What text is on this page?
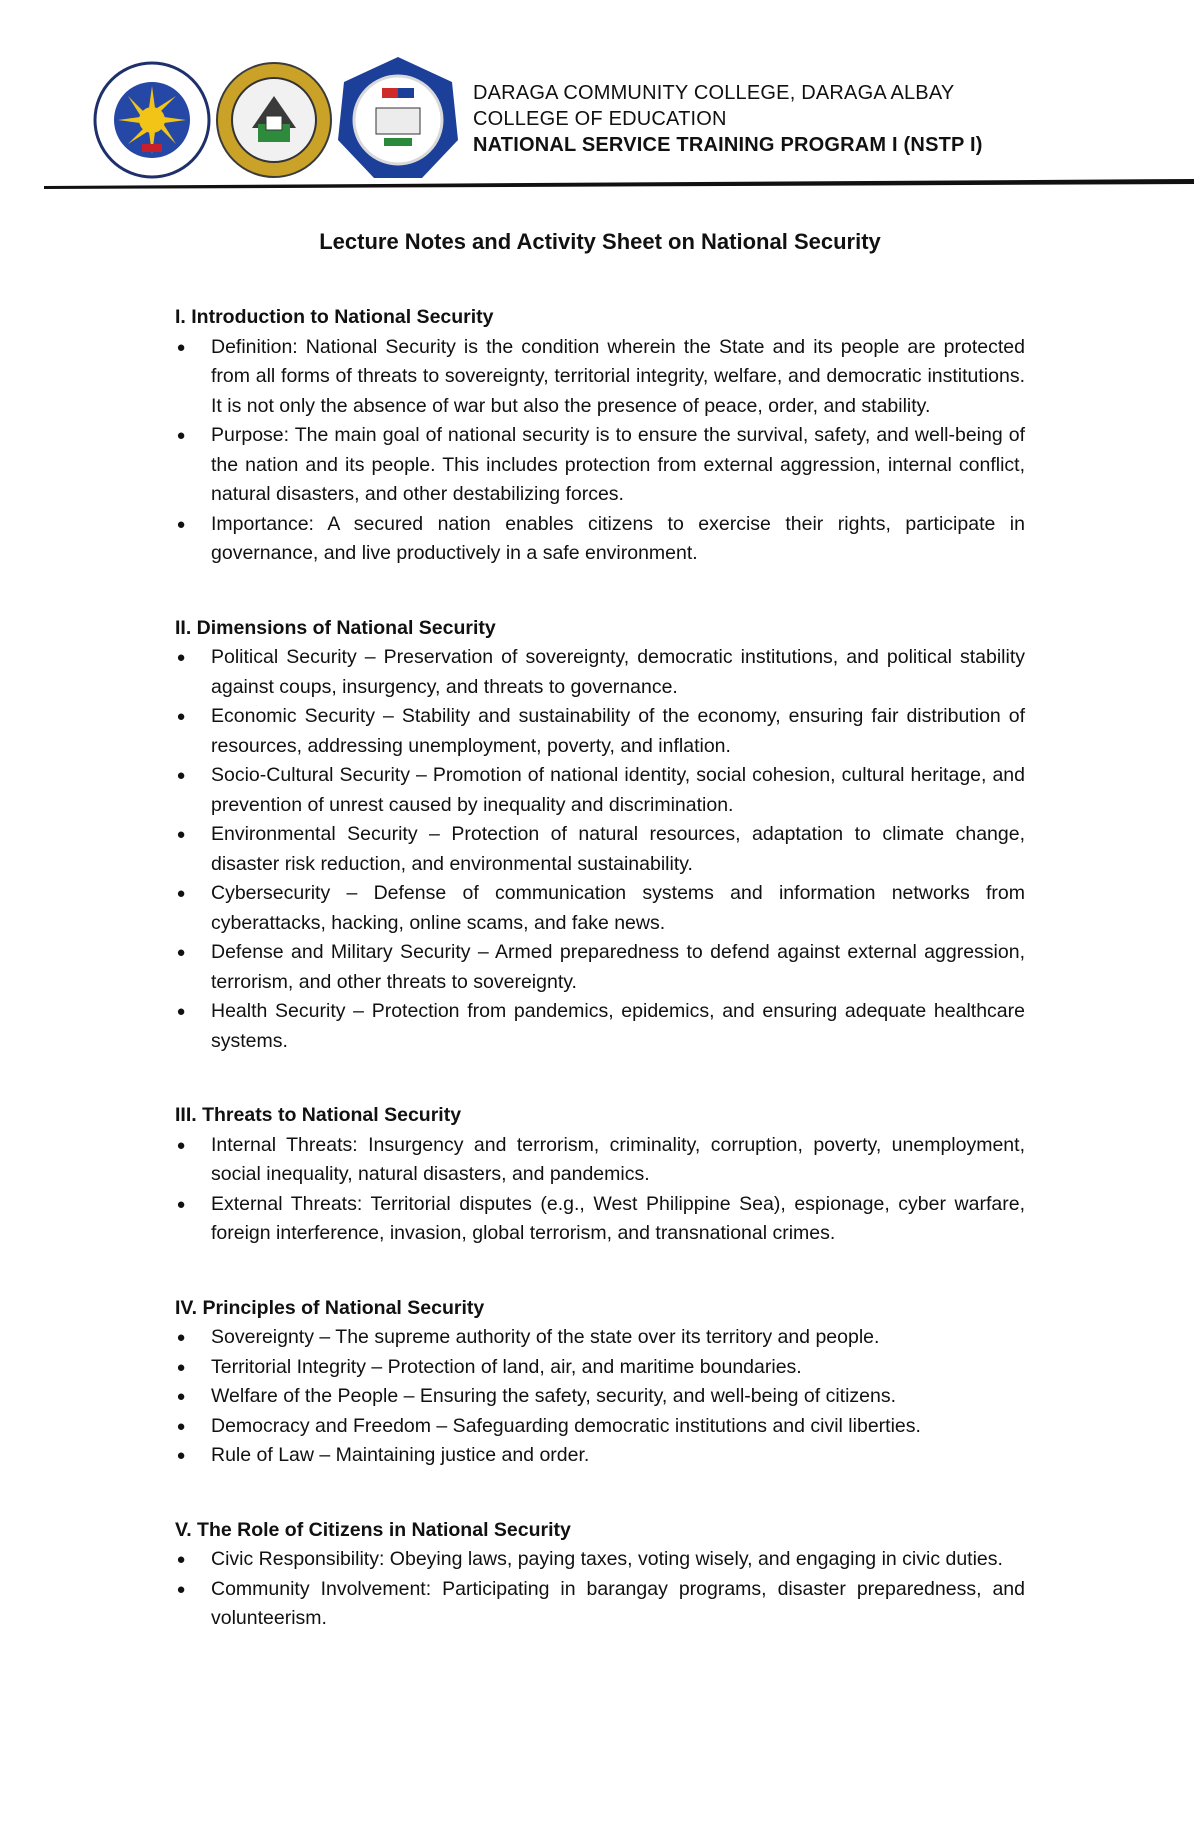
DARAGA COMMUNITY COLLEGE, DARAGA ALBAY
COLLEGE OF EDUCATION
NATIONAL SERVICE TRAINING PROGRAM I (NSTP I)
Lecture Notes and Activity Sheet on National Security
I. Introduction to National Security
● Definition: National Security is the condition wherein the State and its people are protected from all forms of threats to sovereignty, territorial integrity, welfare, and democratic institutions. It is not only the absence of war but also the presence of peace, order, and stability.
● Purpose: The main goal of national security is to ensure the survival, safety, and well-being of the nation and its people. This includes protection from external aggression, internal conflict, natural disasters, and other destabilizing forces.
● Importance: A secured nation enables citizens to exercise their rights, participate in governance, and live productively in a safe environment.
II. Dimensions of National Security
● Political Security – Preservation of sovereignty, democratic institutions, and political stability against coups, insurgency, and threats to governance.
● Economic Security – Stability and sustainability of the economy, ensuring fair distribution of resources, addressing unemployment, poverty, and inflation.
● Socio-Cultural Security – Promotion of national identity, social cohesion, cultural heritage, and prevention of unrest caused by inequality and discrimination.
● Environmental Security – Protection of natural resources, adaptation to climate change, disaster risk reduction, and environmental sustainability.
● Cybersecurity – Defense of communication systems and information networks from cyberattacks, hacking, online scams, and fake news.
● Defense and Military Security – Armed preparedness to defend against external aggression, terrorism, and other threats to sovereignty.
● Health Security – Protection from pandemics, epidemics, and ensuring adequate healthcare systems.
III. Threats to National Security
● Internal Threats: Insurgency and terrorism, criminality, corruption, poverty, unemployment, social inequality, natural disasters, and pandemics.
● External Threats: Territorial disputes (e.g., West Philippine Sea), espionage, cyber warfare, foreign interference, invasion, global terrorism, and transnational crimes.
IV. Principles of National Security
● Sovereignty – The supreme authority of the state over its territory and people.
● Territorial Integrity – Protection of land, air, and maritime boundaries.
● Welfare of the People – Ensuring the safety, security, and well-being of citizens.
● Democracy and Freedom – Safeguarding democratic institutions and civil liberties.
● Rule of Law – Maintaining justice and order.
V. The Role of Citizens in National Security
● Civic Responsibility: Obeying laws, paying taxes, voting wisely, and engaging in civic duties.
● Community Involvement: Participating in barangay programs, disaster preparedness, and volunteerism.
